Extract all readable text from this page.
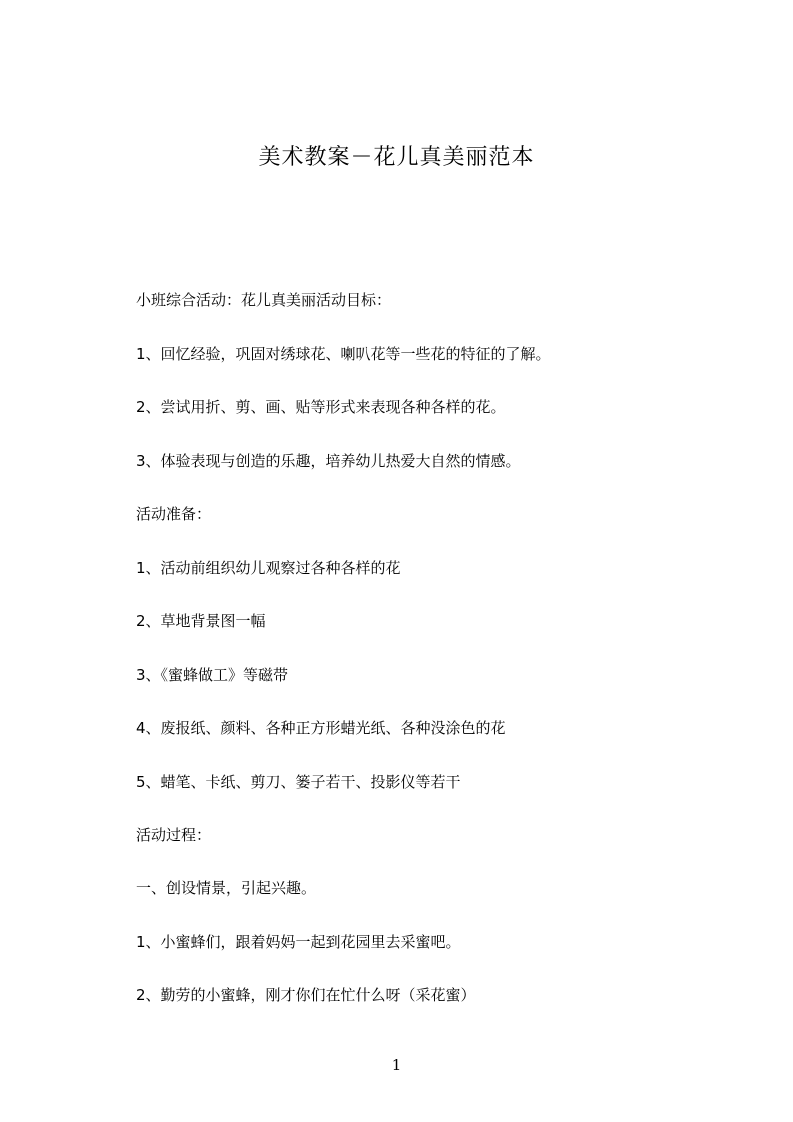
美术教案－花儿真美丽范本

小班综合活动：花儿真美丽活动目标：

1、回忆经验，巩固对绣球花、喇叭花等一些花的特征的了解。

2、尝试用折、剪、画、贴等形式来表现各种各样的花。

3、体验表现与创造的乐趣，培养幼儿热爱大自然的情感。

活动准备：

1、活动前组织幼儿观察过各种各样的花

2、草地背景图一幅

3、《蜜蜂做工》等磁带

4、废报纸、颜料、各种正方形蜡光纸、各种没涂色的花

5、蜡笔、卡纸、剪刀、篓子若干、投影仪等若干

活动过程：

一、创设情景，引起兴趣。

1、小蜜蜂们，跟着妈妈一起到花园里去采蜜吧。

2、勤劳的小蜜蜂，刚才你们在忙什么呀（采花蜜）

1
